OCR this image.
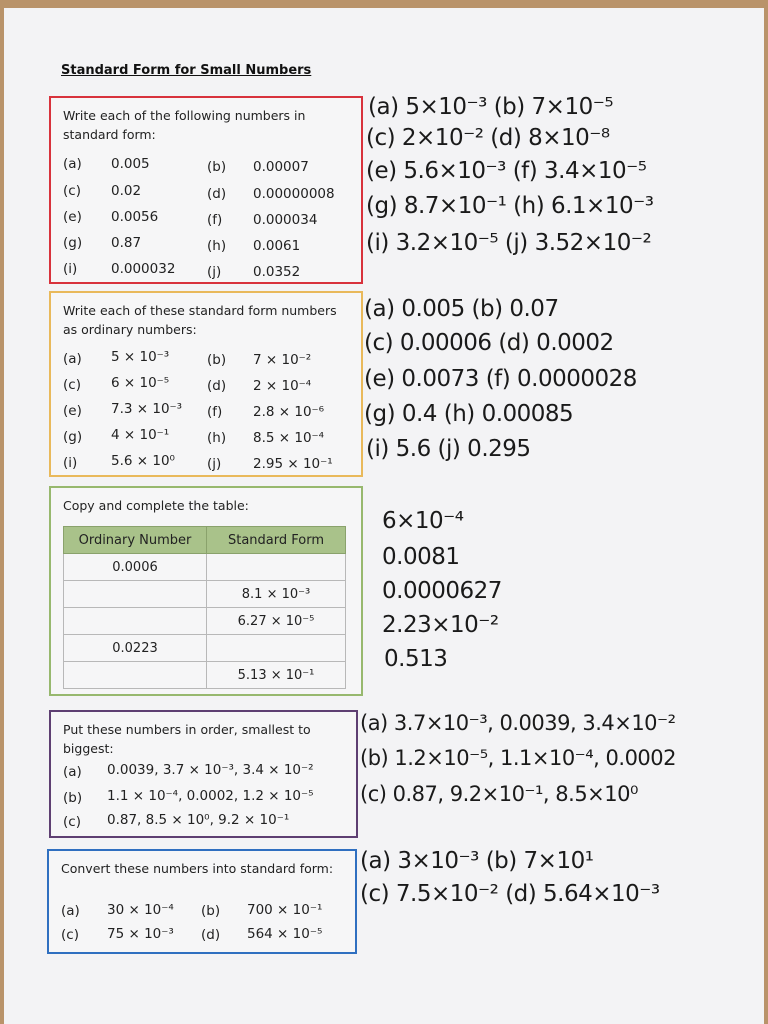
Standard Form for Small Numbers
Write each of the following numbers in standard form:
(a) 0.005	(b) 0.00007
(c) 0.02	(d) 0.00000008
(e) 0.0056	(f) 0.000034
(g) 0.87	(h) 0.0061
(i) 0.000032 (j) 0.0352
Write each of these standard form numbers as ordinary numbers:
(a) 5 × 10⁻³	(b) 7 × 10⁻²
(c) 6 × 10⁻⁵	(d) 2 × 10⁻⁴
(e) 7.3 × 10⁻³ (f) 2.8 × 10⁻⁶
(g) 4 × 10⁻¹	(h) 8.5 × 10⁻⁴
(i) 5.6 × 10⁰ (j) 2.95 × 10⁻¹
Copy and complete the table:
Ordinary Number	Standard Form
0.0006	
	8.1 × 10⁻³
	6.27 × 10⁻⁵
0.0223	
	5.13 × 10⁻¹
Put these numbers in order, smallest to biggest:
(a) 0.0039, 3.7 × 10⁻³, 3.4 × 10⁻²
(b) 1.1 × 10⁻⁴, 0.0002, 1.2 × 10⁻⁵
(c) 0.87, 8.5 × 10⁰, 9.2 × 10⁻¹
Convert these numbers into standard form:
(a) 30 × 10⁻⁴ (b) 700 × 10⁻¹
(c) 75 × 10⁻³ (d) 564 × 10⁻⁵
(a) 5×10⁻³ (b) 7×10⁻⁵
(c) 2×10⁻² (d) 8×10⁻⁸
(e) 5.6×10⁻³ (f) 3.4×10⁻⁵
(g) 8.7×10⁻¹ (h) 6.1×10⁻³
(i) 3.2×10⁻⁵ (j) 3.52×10⁻²
(a) 0.005 (b) 0.07
(c) 0.00006 (d) 0.0002
(e) 0.0073 (f) 0.0000028
(g) 0.4 (h) 0.00085
(i) 5.6 (j) 0.295
6×10⁻⁴
0.0081
0.0000627
2.23×10⁻²
0.513
(a) 3.7×10⁻³, 0.0039, 3.4×10⁻²
(b) 1.2×10⁻⁵, 1.1×10⁻⁴, 0.0002
(c) 0.87, 9.2×10⁻¹, 8.5×10⁰
(a) 3×10⁻³ (b) 7×10¹
(c) 7.5×10⁻² (d) 5.64×10⁻³
